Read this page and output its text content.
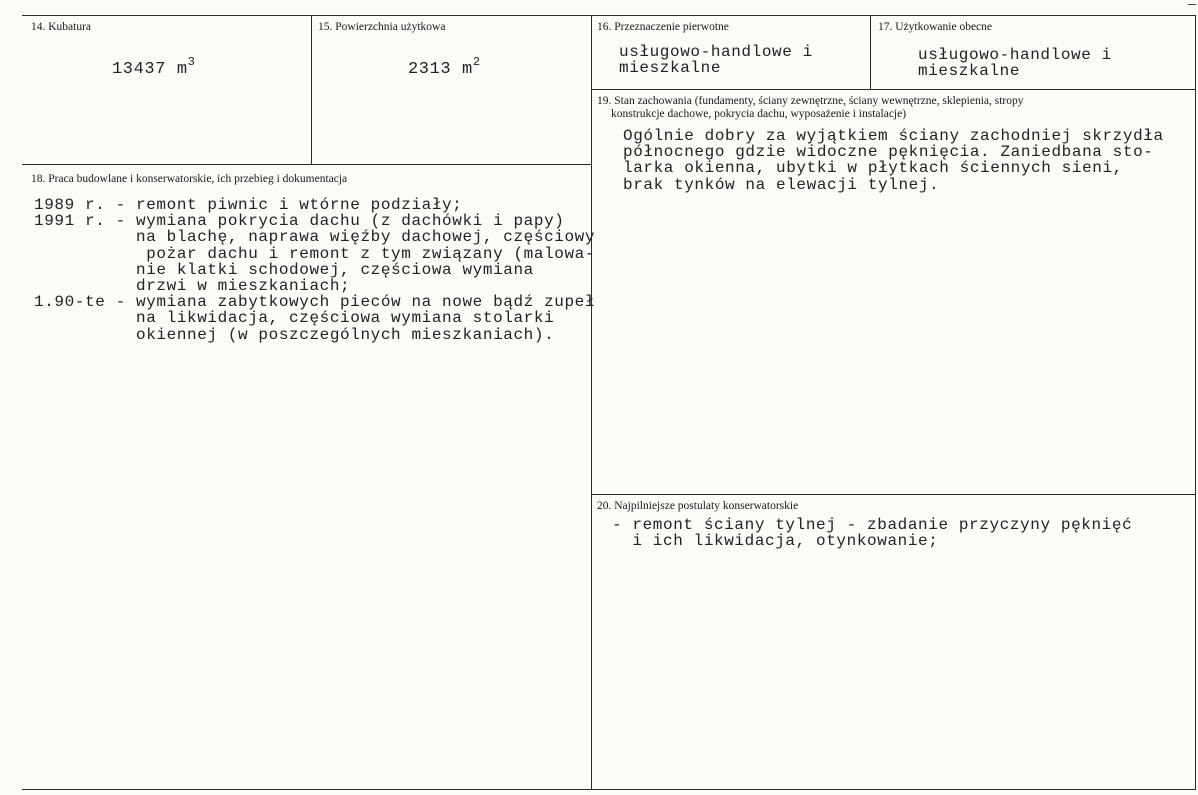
14. Kubatura
13437 $m^3$
15. Powierzchnia użytkowa
2313 $m^2$
16. Przeznaczenie pierwotne
usługowo-handlowe i
mieszkalne
17. Użytkowanie obecne
usługowo-handlowe i
mieszkalne
18. Praca budowlane i konserwatorskie, ich przebieg i dokumentacja
1989 r. - remont piwnic i wtórne podziały;
1991 r. - wymiana pokrycia dachu (z dachówki i papy)
na blachę, naprawa więźby dachowej, częściowy
pożar dachu i remont z tym związany (malowa-
nie klatki schodowej, częściowa wymiana
drzwi w mieszkaniach;
1.90-te - wymiana zabytkowych pieców na nowe bądź zupeł
na likwidacja, częściowa wymiana stolarki
okiennej (w poszczególnych mieszkaniach).
19. Stan zachowania (fundamenty, ściany zewnętrzne, ściany wewnętrzne, sklepienia, stropy
konstrukcje dachowe, pokrycia dachu, wyposażenie i instalacje)
Ogólnie dobry za wyjątkiem ściany zachodniej skrzydła
północnego gdzie widoczne pęknięcia. Zaniedbana sto-
larka okienna, ubytki w płytkach ściennych sieni,
brak tynków na elewacji tylnej.
20. Najpilniejsze postulaty konserwatorskie
- remont ściany tylnej - zbadanie przyczyny pęknięć
i ich likwidacja, otynkowanie;
